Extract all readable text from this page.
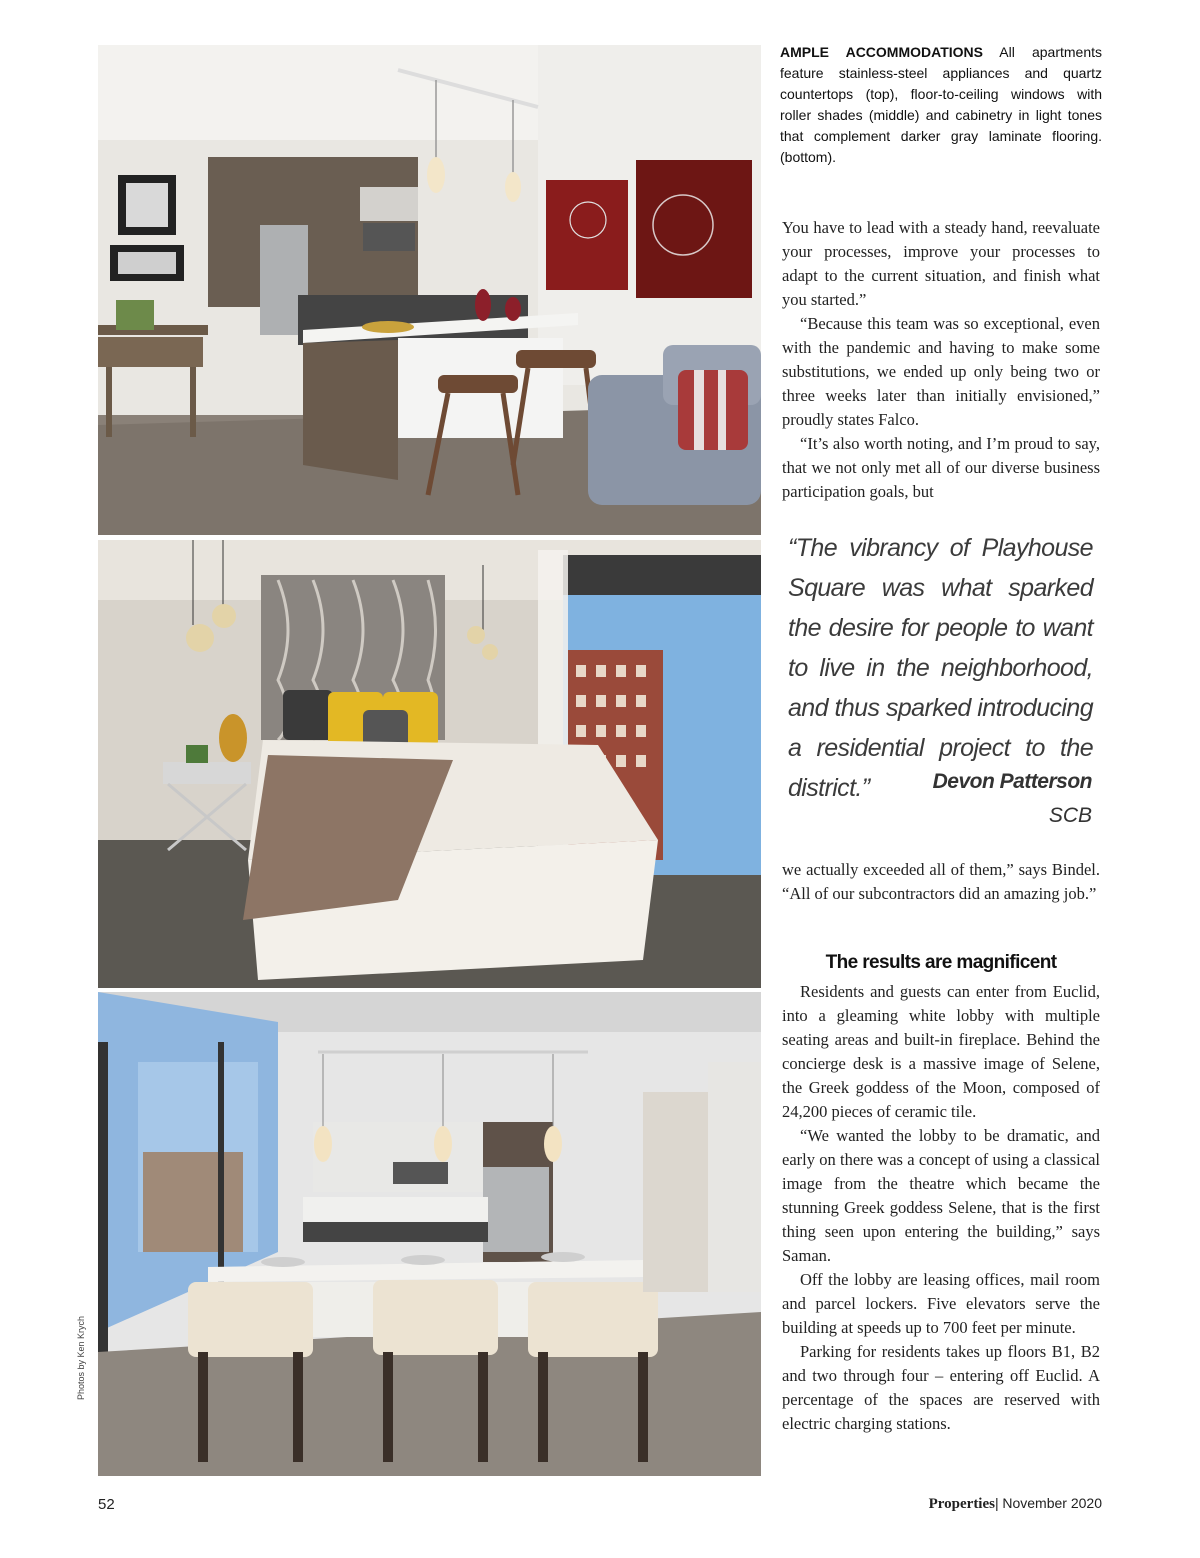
Photos by Ken Krych
AMPLE ACCOMMODATIONS All apartments feature stainless-steel appliances and quartz countertops (top), floor-to-ceiling windows with roller shades (middle) and cabinetry in light tones that complement darker gray laminate flooring. (bottom).

You have to lead with a steady hand, reevaluate your processes, improve your processes to adapt to the current situation, and finish what you started.”

“Because this team was so exceptional, even with the pandemic and having to make some substitutions, we ended up only being two or three weeks later than initially envisioned,” proudly states Falco.

“It’s also worth noting, and I’m proud to say, that we not only met all of our diverse business participation goals, but

“The vibrancy of Playhouse Square was what sparked the desire for people to want to live in the neighborhood, and thus sparked introducing a residential project to the district.”	Devon Patterson
SCB

we actually exceeded all of them,” says Bindel. “All of our subcontractors did an amazing job.”

The results are magnificent

Residents and guests can enter from Euclid, into a gleaming white lobby with multiple seating areas and built-in fireplace. Behind the concierge desk is a massive image of Selene, the Greek goddess of the Moon, composed of 24,200 pieces of ceramic tile.

“We wanted the lobby to be dramatic, and early on there was a concept of using a classical image from the theatre which became the stunning Greek goddess Selene, that is the first thing seen upon entering the building,” says Saman.

Off the lobby are leasing offices, mail room and parcel lockers. Five elevators serve the building at speeds up to 700 feet per minute.

Parking for residents takes up floors B1, B2 and two through four – entering off Euclid. A percentage of the spaces are reserved with electric charging stations.

52	Properties| November 2020
